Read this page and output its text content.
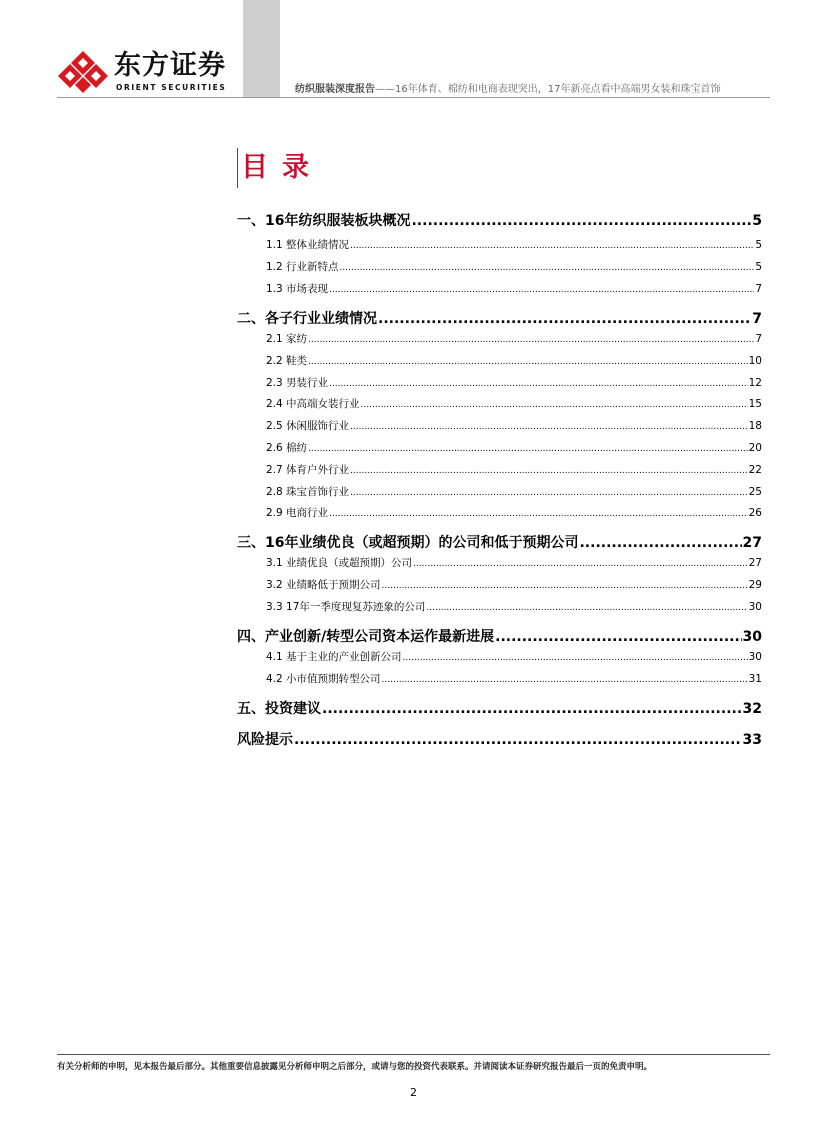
东方证券
ORIENT SECURITIES	纺织服装深度报告——16年体育、棉纺和电商表现突出，17年新亮点看中高端男女装和珠宝首饰
目录
一、16年纺织服装板块概况 .....	5
1.1 整体业绩情况 .....	5
1.2 行业新特点 .....	5
1.3 市场表现 .....	7
二、各子行业业绩情况 .....	7
2.1 家纺 .....	7
2.2 鞋类 .....	10
2.3 男装行业 .....	12
2.4 中高端女装行业 .....	15
2.5 休闲服饰行业 .....	18
2.6 棉纺 .....	20
2.7 体育户外行业 .....	22
2.8 珠宝首饰行业 .....	25
2.9 电商行业 .....	26
三、16年业绩优良（或超预期）的公司和低于预期公司 .....	27
3.1 业绩优良（或超预期）公司 .....	27
3.2 业绩略低于预期公司 .....	29
3.3 17年一季度现复苏迹象的公司 .....	30
四、产业创新/转型公司资本运作最新进展 .....	30
4.1 基于主业的产业创新公司 .....	30
4.2 小市值预期转型公司 .....	31
五、投资建议 .....	32
风险提示 .....	33
有关分析师的申明，见本报告最后部分。其他重要信息披露见分析师申明之后部分，或请与您的投资代表联系。并请阅读本证券研究报告最后一页的免责申明。
2
